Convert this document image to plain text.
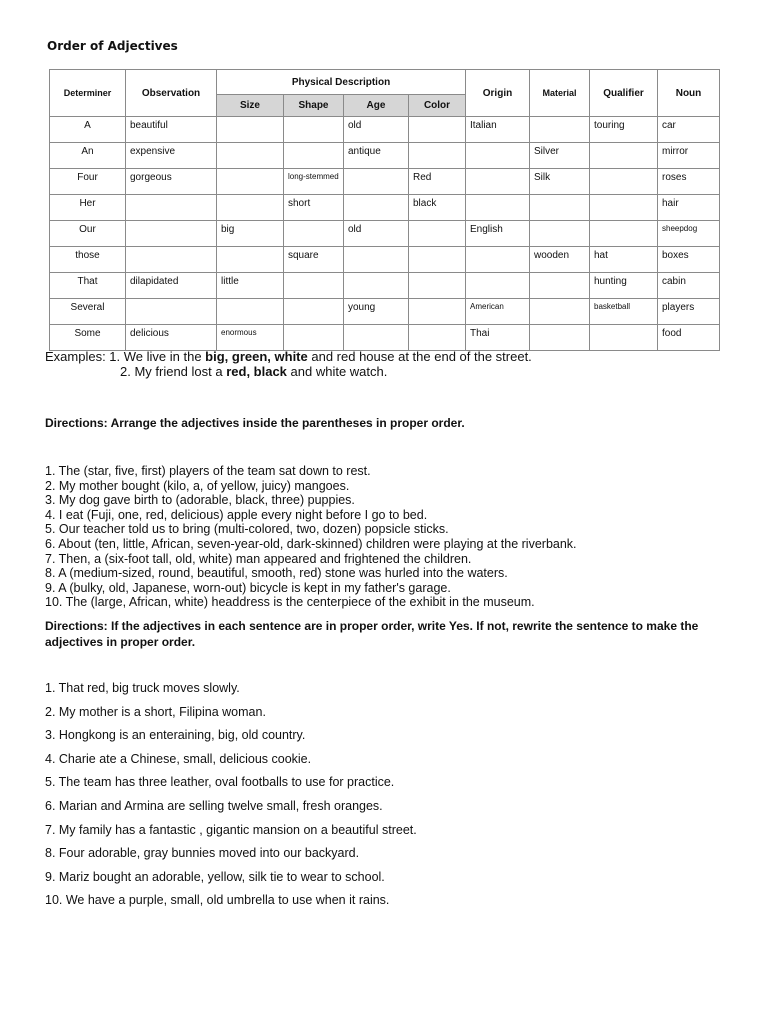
Order of Adjectives
Determiner	Observation	Physical Description				Origin	Material	Qualifier	Noun
		Size	Shape	Age	Color				
A	beautiful			old		Italian		touring	car
An	expensive			antique			Silver		mirror
Four	gorgeous		long-stemmed		Red		Silk		roses
Her			short		black				hair
Our		big		old		English			sheepdog
those			square				wooden	hat	boxes
That	dilapidated	little						hunting	cabin
Several				young		American		basketball	players
Some	delicious	enormous				Thai			food
Examples: 1. We live in the big, green, white and red house at the end of the street.
2. My friend lost a red, black and white watch.
Directions: Arrange the adjectives inside the parentheses in proper order.
1. The (star, five, first) players of the team sat down to rest.
2. My mother bought (kilo, a, of yellow, juicy) mangoes.
3. My dog gave birth to (adorable, black, three) puppies.
4. I eat (Fuji, one, red, delicious) apple every night before I go to bed.
5. Our teacher told us to bring (multi-colored, two, dozen) popsicle sticks.
6. About (ten, little, African, seven-year-old, dark-skinned) children were playing at the riverbank.
7. Then, a (six-foot tall, old, white) man appeared and frightened the children.
8. A (medium-sized, round, beautiful, smooth, red) stone was hurled into the waters.
9. A (bulky, old, Japanese, worn-out) bicycle is kept in my father's garage.
10. The (large, African, white) headdress is the centerpiece of the exhibit in the museum.
Directions: If the adjectives in each sentence are in proper order, write Yes. If not, rewrite the sentence to make the adjectives in proper order.
1. That red, big truck moves slowly.
2. My mother is a short, Filipina woman.
3. Hongkong is an enteraining, big, old country.
4. Charie ate a Chinese, small, delicious cookie.
5. The team has three leather, oval footballs to use for practice.
6. Marian and Armina are selling twelve small, fresh oranges.
7. My family has a fantastic , gigantic mansion on a beautiful street.
8. Four adorable, gray bunnies moved into our backyard.
9. Mariz bought an adorable, yellow, silk tie to wear to school.
10. We have a purple, small, old umbrella to use when it rains.
